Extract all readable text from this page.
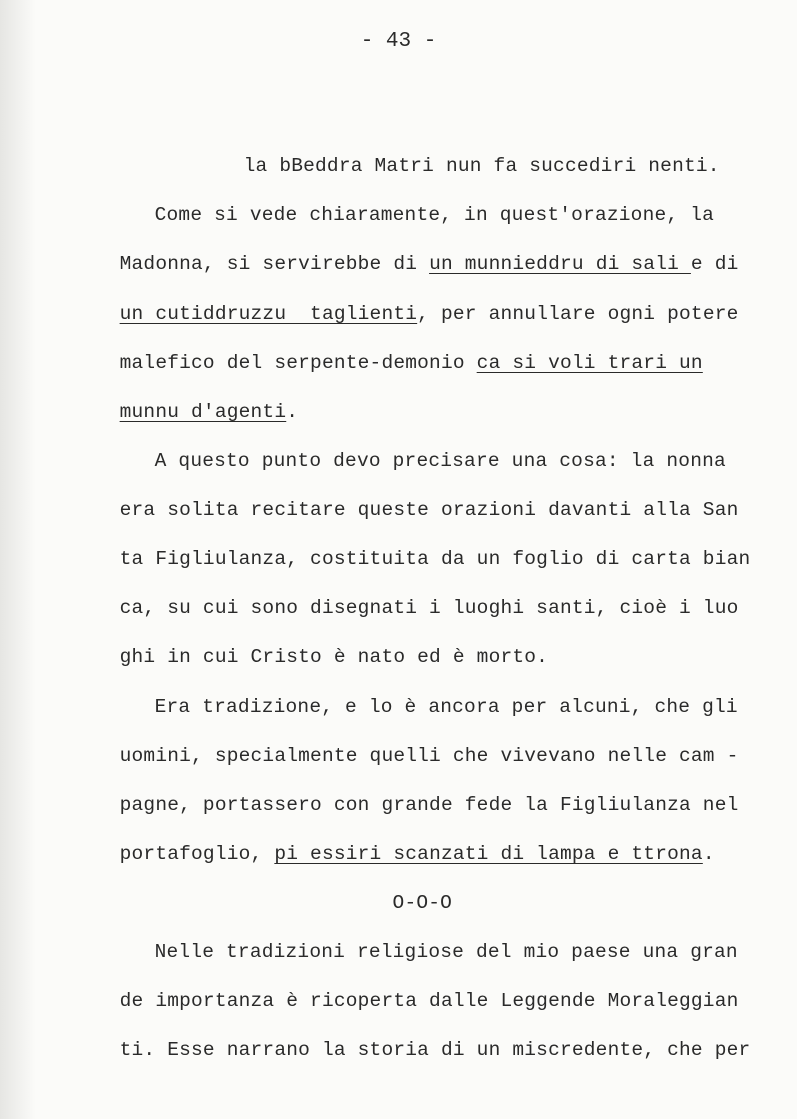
- 43 -

la bBeddra Matri nun fa succediri nenti.

Come si vede chiaramente, in quest'orazione, la

Madonna, si servirebbe di un munnieddru di sali e di

un cutiddruzzu  taglienti, per annullare ogni potere

malefico del serpente-demonio ca si voli trari un

munnu d'agenti.

A questo punto devo precisare una cosa: la nonna

era solita recitare queste orazioni davanti alla San

ta Figliulanza, costituita da un foglio di carta bian

ca, su cui sono disegnati i luoghi santi, cioè i luo

ghi in cui Cristo è nato ed è morto.

Era tradizione, e lo è ancora per alcuni, che gli

uomini, specialmente quelli che vivevano nelle cam -

pagne, portassero con grande fede la Figliulanza nel

portafoglio, pi essiri scanzati di lampa e ttrona.

O-O-O

Nelle tradizioni religiose del mio paese una gran

de importanza è ricoperta dalle Leggende Moraleggian

ti. Esse narrano la storia di un miscredente, che per
